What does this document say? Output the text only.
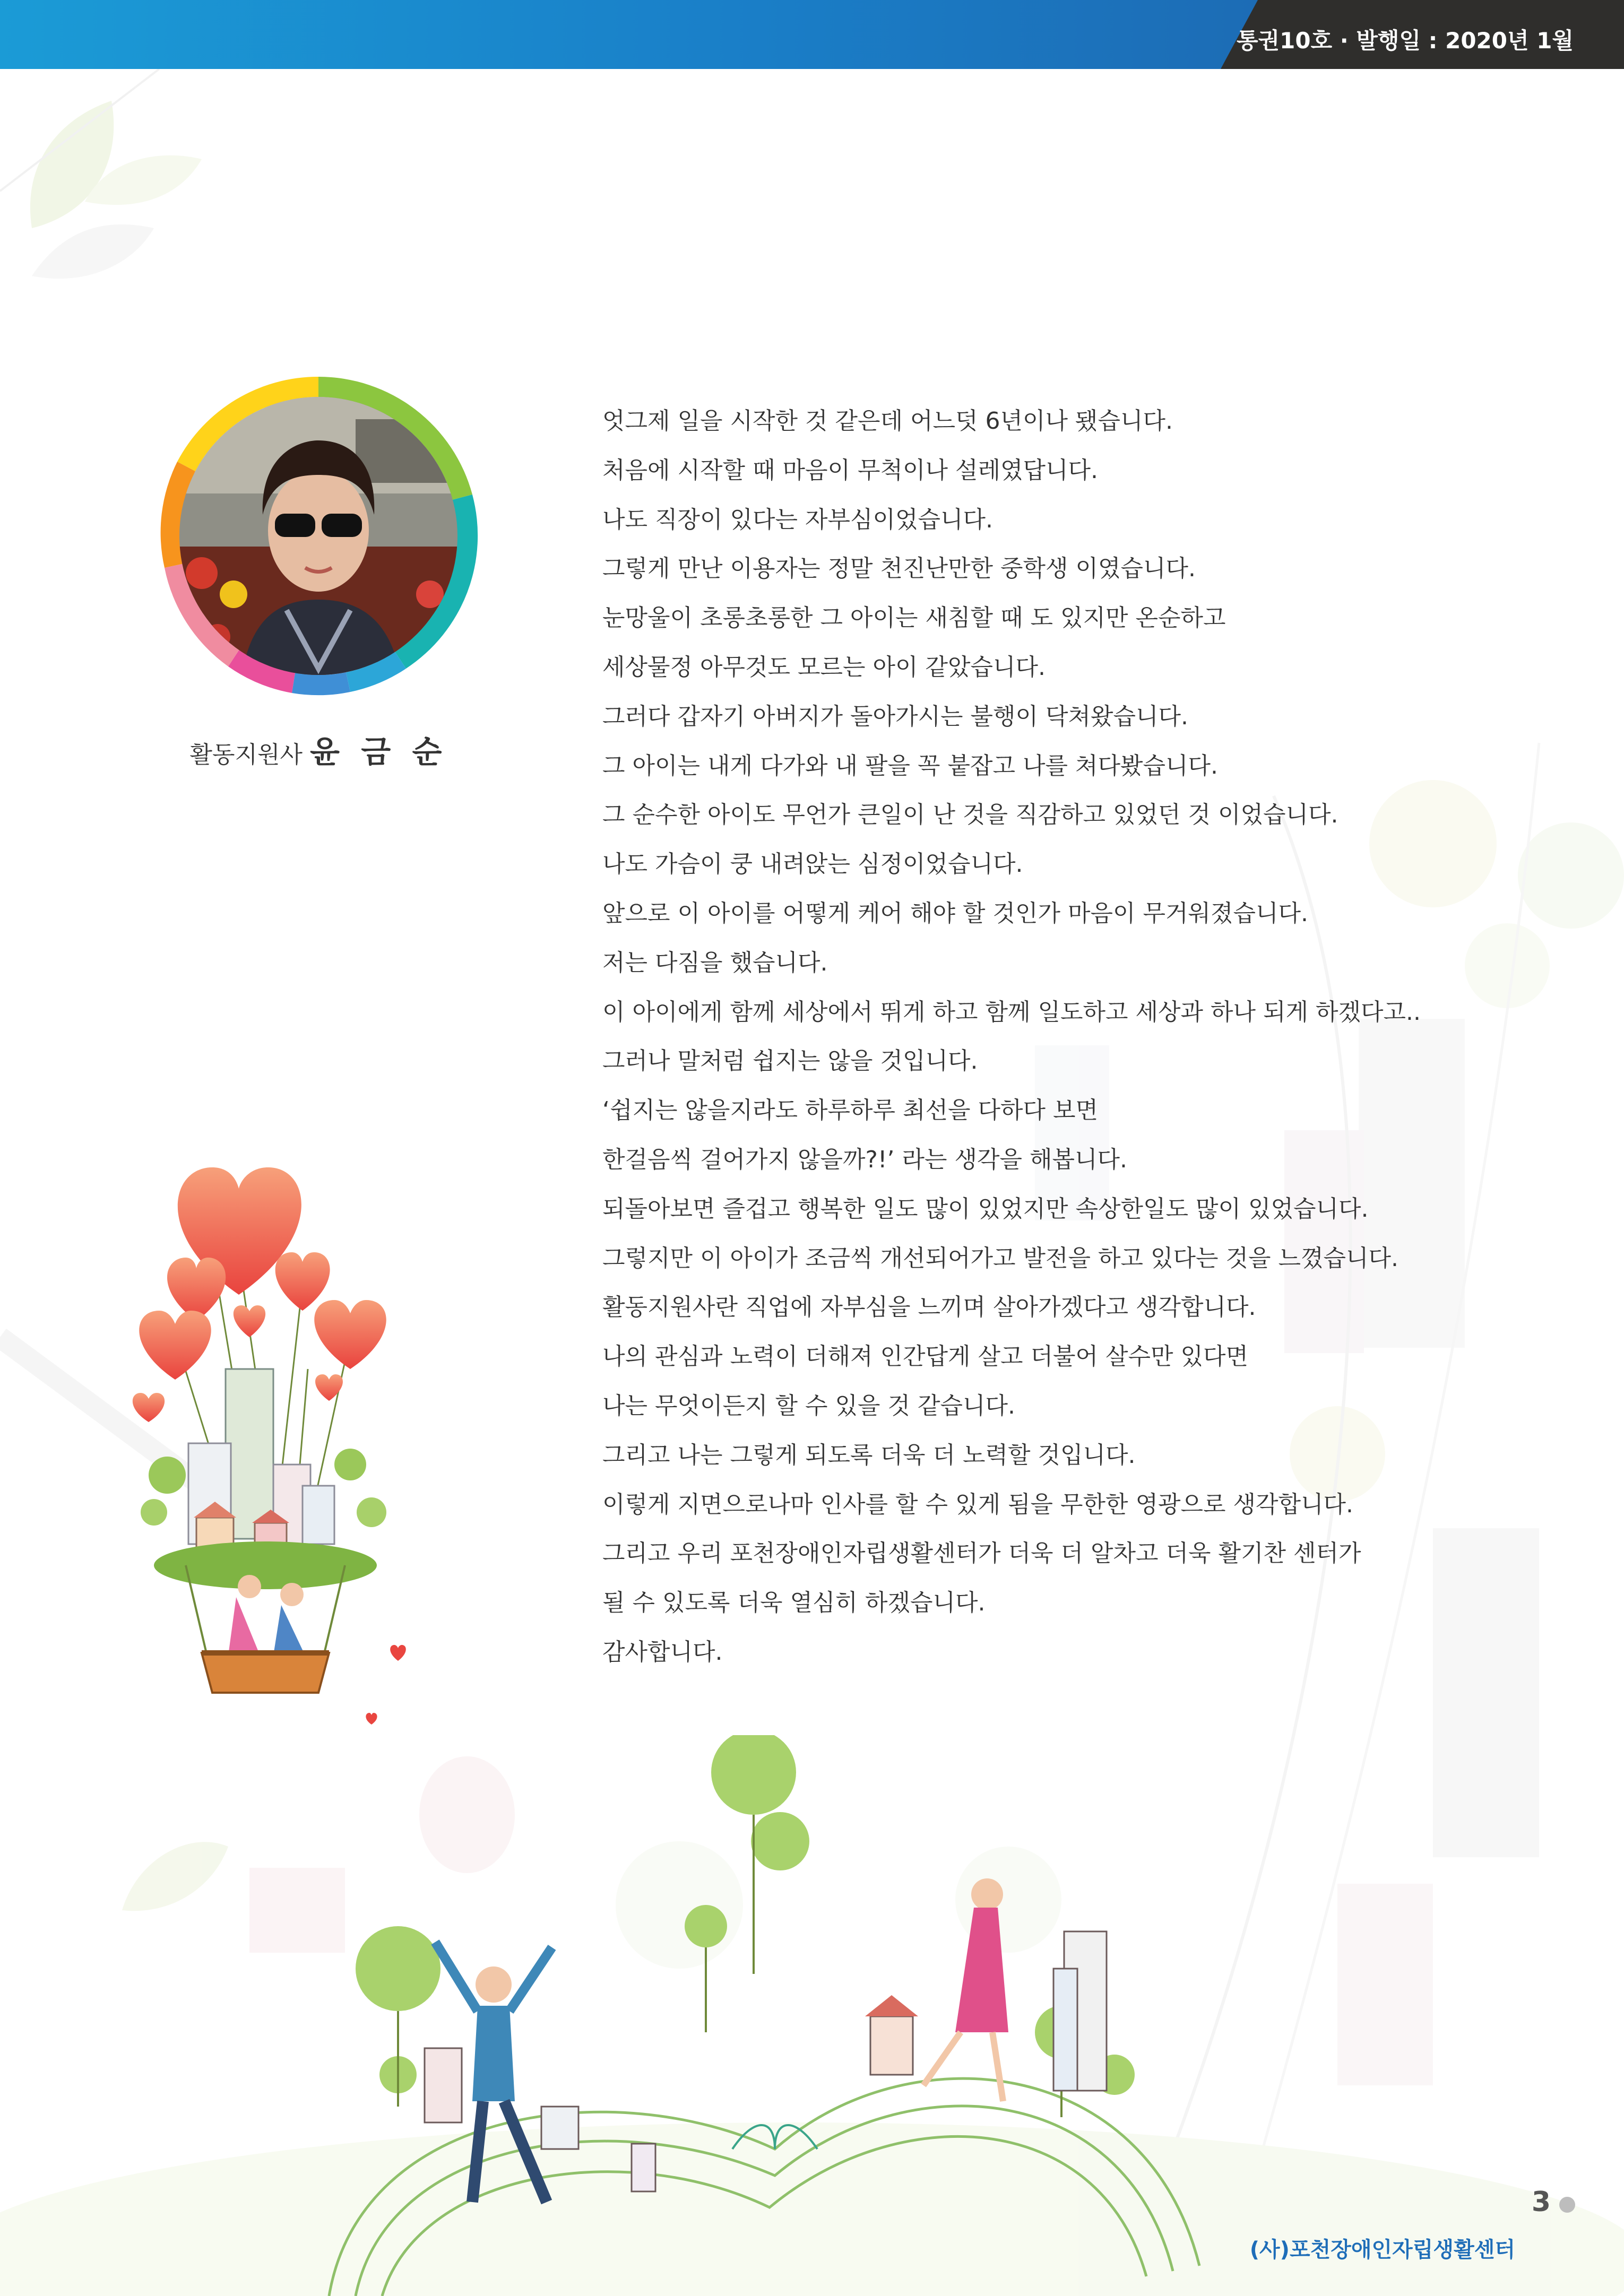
통권10호 · 발행일 : 2020년 1월
활동지원사 윤 금 순
엇그제 일을 시작한 것 같은데 어느덧 6년이나 됐습니다.
처음에 시작할 때 마음이 무척이나 설레였답니다.
나도 직장이 있다는 자부심이었습니다.
그렇게 만난 이용자는 정말 천진난만한 중학생 이였습니다.
눈망울이 초롱초롱한 그 아이는 새침할 때 도 있지만 온순하고
세상물정 아무것도 모르는 아이 같았습니다.
그러다 갑자기 아버지가 돌아가시는 불행이 닥쳐왔습니다.
그 아이는 내게 다가와 내 팔을 꼭 붙잡고 나를 쳐다봤습니다.
그 순수한 아이도 무언가 큰일이 난 것을 직감하고 있었던 것 이었습니다.
나도 가슴이 쿵 내려앉는 심정이었습니다.
앞으로 이 아이를 어떻게 케어 해야 할 것인가 마음이 무거워졌습니다.
저는 다짐을 했습니다.
이 아이에게 함께 세상에서 뛰게 하고 함께 일도하고 세상과 하나 되게 하겠다고..
그러나 말처럼 쉽지는 않을 것입니다.
‘쉽지는 않을지라도 하루하루 최선을 다하다 보면
한걸음씩 걸어가지 않을까?!’ 라는 생각을 해봅니다.
되돌아보면 즐겁고 행복한 일도 많이 있었지만 속상한일도 많이 있었습니다.
그렇지만 이 아이가 조금씩 개선되어가고 발전을 하고 있다는 것을 느꼈습니다.
활동지원사란 직업에 자부심을 느끼며 살아가겠다고 생각합니다.
나의 관심과 노력이 더해져 인간답게 살고 더불어 살수만 있다면
나는 무엇이든지 할 수 있을 것 같습니다.
그리고 나는 그렇게 되도록 더욱 더 노력할 것입니다.
이렇게 지면으로나마 인사를 할 수 있게 됨을 무한한 영광으로 생각합니다.
그리고 우리 포천장애인자립생활센터가 더욱 더 알차고 더욱 활기찬 센터가
될 수 있도록 더욱 열심히 하겠습니다.
감사합니다.
3
(사)포천장애인자립생활센터
